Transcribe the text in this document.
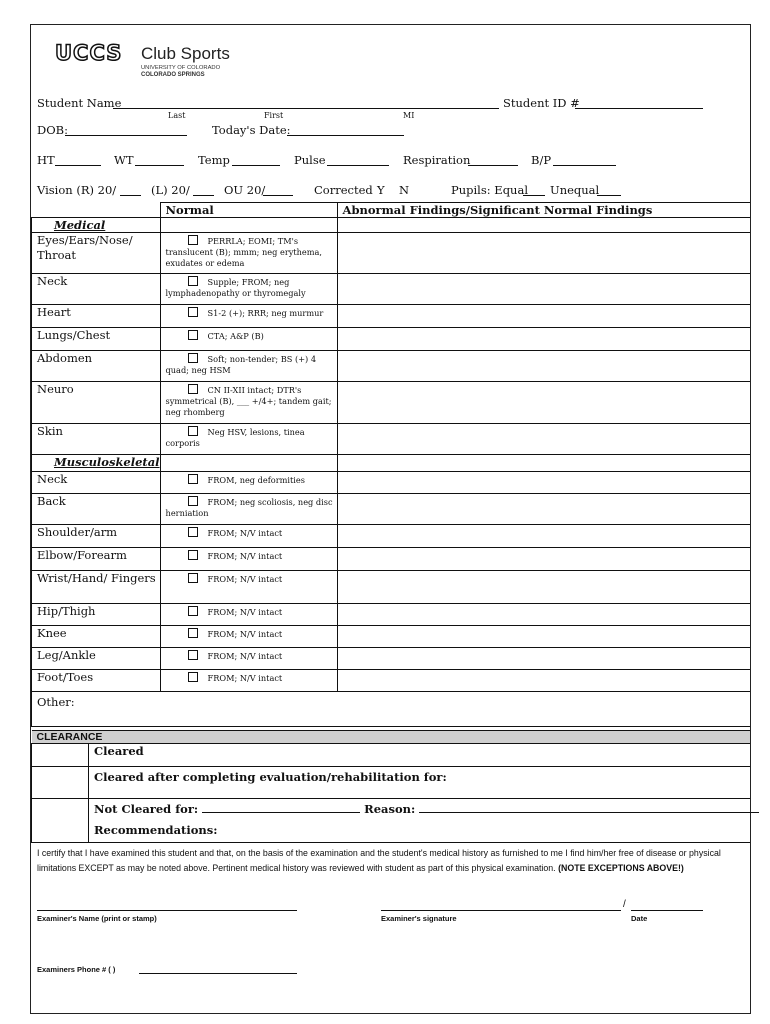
UCCS Club Sports
UNIVERSITY OF COLORADO
COLORADO SPRINGS
Student Name	Student ID #
Last	First	MI
DOB:	Today's Date:
HT	WT	Temp	Pulse	Respiration	B/P
Vision (R) 20/	(L) 20/	OU 20/	Corrected Y N	Pupils: Equal Unequal
	Normal	Abnormal Findings/Significant Normal Findings
Medical		
Eyes/Ears/Nose/ Throat	PERRLA; EOMI; TM's translucent (B); mmm; neg erythema, exudates or edema	
Neck	Supple; FROM; neg lymphadenopathy or thyromegaly	
Heart	S1-2 (+); RRR; neg murmur	
Lungs/Chest	CTA; A&P (B)	
Abdomen	Soft; non-tender; BS (+) 4 quad; neg HSM	
Neuro	CN II-XII intact; DTR's symmetrical (B), ___ +/4+; tandem gait; neg rhomberg	
Skin	Neg HSV, lesions, tinea corporis	
Musculoskeletal		
Neck	FROM, neg deformities	
Back	FROM; neg scoliosis, neg disc herniation	
Shoulder/arm	FROM; N/V intact	
Elbow/Forearm	FROM; N/V intact	
Wrist/Hand/ Fingers	FROM; N/V intact	
Hip/Thigh	FROM; N/V intact	
Knee	FROM; N/V intact	
Leg/Ankle	FROM; N/V intact	
Foot/Toes	FROM; N/V intact	
Other:		
CLEARANCE	
	Cleared
	Cleared after completing evaluation/rehabilitation for:

	Not Cleared for: Reason:
Recommendations:
I certify that I have examined this student and that, on the basis of the examination and the student's medical history as furnished to me I find him/her free of disease or physical limitations EXCEPT as may be noted above. Pertinent medical history was reviewed with student as part of this physical examination. (NOTE EXCEPTIONS ABOVE!)
Examiner's Name (print or stamp)
/
Examiner's signature	Date
Examiners Phone # ( )
